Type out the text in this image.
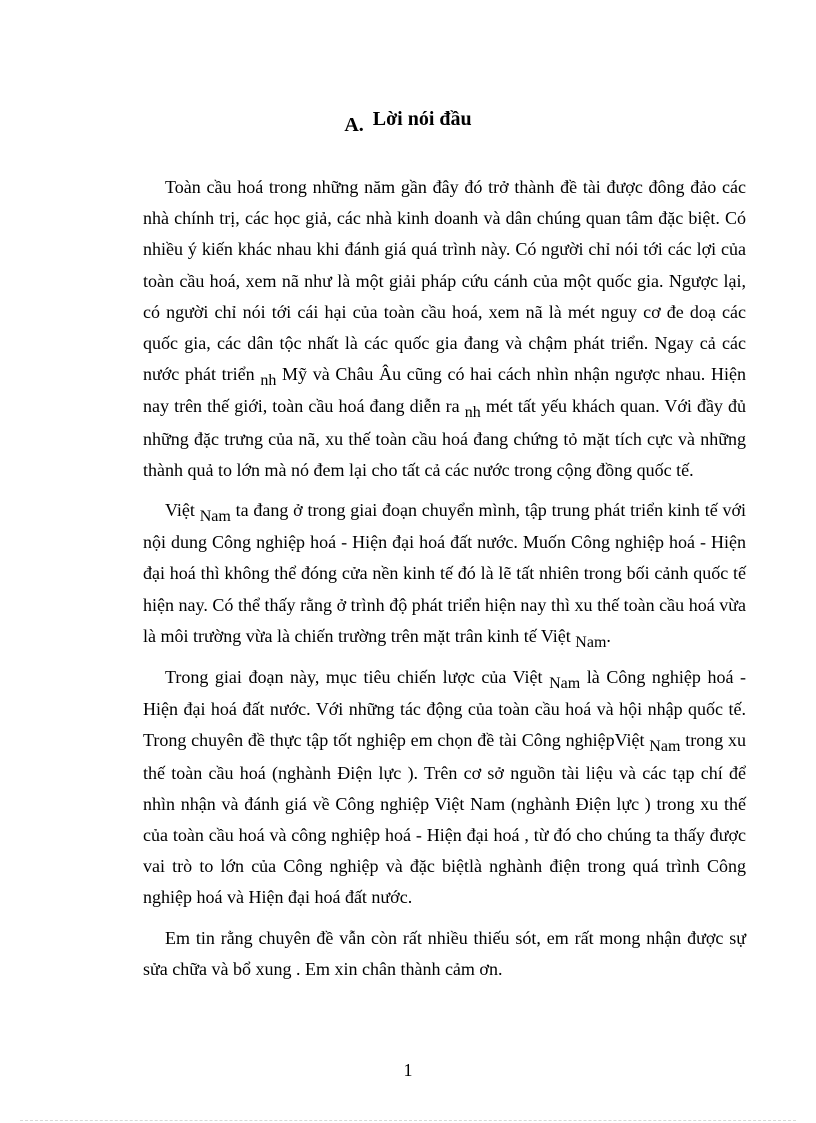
A. Lời nói đầu

Toàn cầu hoá trong những năm gần đây đó trở thành đề tài được đông đảo các nhà chính trị, các học giả, các nhà kinh doanh và dân chúng quan tâm đặc biệt. Có nhiều ý kiến khác nhau khi đánh giá quá trình này. Có người chỉ nói tới các lợi của toàn cầu hoá, xem nã như là một giải pháp cứu cánh của một quốc gia. Ngược lại, có người chỉ nói tới cái hại của toàn cầu hoá, xem nã là mét nguy cơ đe doạ các quốc gia, các dân tộc nhất là các quốc gia đang và chậm phát triển. Ngay cả các nước phát triển nh Mỹ và Châu Âu cũng có hai cách nhìn nhận ngược nhau. Hiện nay trên thế giới, toàn cầu hoá đang diễn ra nh mét tất yếu khách quan. Với đầy đủ những đặc trưng của nã, xu thế toàn cầu hoá đang chứng tỏ mặt tích cực và những thành quả to lớn mà nó đem lại cho tất cả các nước trong cộng đồng quốc tế.

Việt Nam ta đang ở trong giai đoạn chuyển mình, tập trung phát triển kinh tế với nội dung Công nghiệp hoá - Hiện đại hoá đất nước. Muốn Công nghiệp hoá - Hiện đại hoá thì không thể đóng cửa nền kinh tế đó là lẽ tất nhiên trong bối cảnh quốc tế hiện nay. Có thể thấy rằng ở trình độ phát triển hiện nay thì xu thế toàn cầu hoá vừa là môi trường vừa là chiến trường trên mặt trân kinh tế Việt Nam.

Trong giai đoạn này, mục tiêu chiến lược của Việt Nam là Công nghiệp hoá - Hiện đại hoá đất nước. Với những tác động của toàn cầu hoá và hội nhập quốc tế. Trong chuyên đề thực tập tốt nghiệp em chọn đề tài Công nghiệpViệt Nam trong xu thế toàn cầu hoá (nghành Điện lực ). Trên cơ sở nguồn tài liệu và các tạp chí để nhìn nhận và đánh giá về Công nghiệp Việt Nam (nghành Điện lực ) trong xu thế của toàn cầu hoá và công nghiệp hoá - Hiện đại hoá , từ đó cho chúng ta thấy được vai trò to lớn của Công nghiệp và đặc biệtlà nghành điện trong quá trình Công nghiệp hoá và Hiện đại hoá đất nước.

Em tin rằng chuyên đề vẫn còn rất nhiều thiếu sót, em rất mong nhận được sự sửa chữa và bổ xung . Em xin chân thành cảm ơn.

1
